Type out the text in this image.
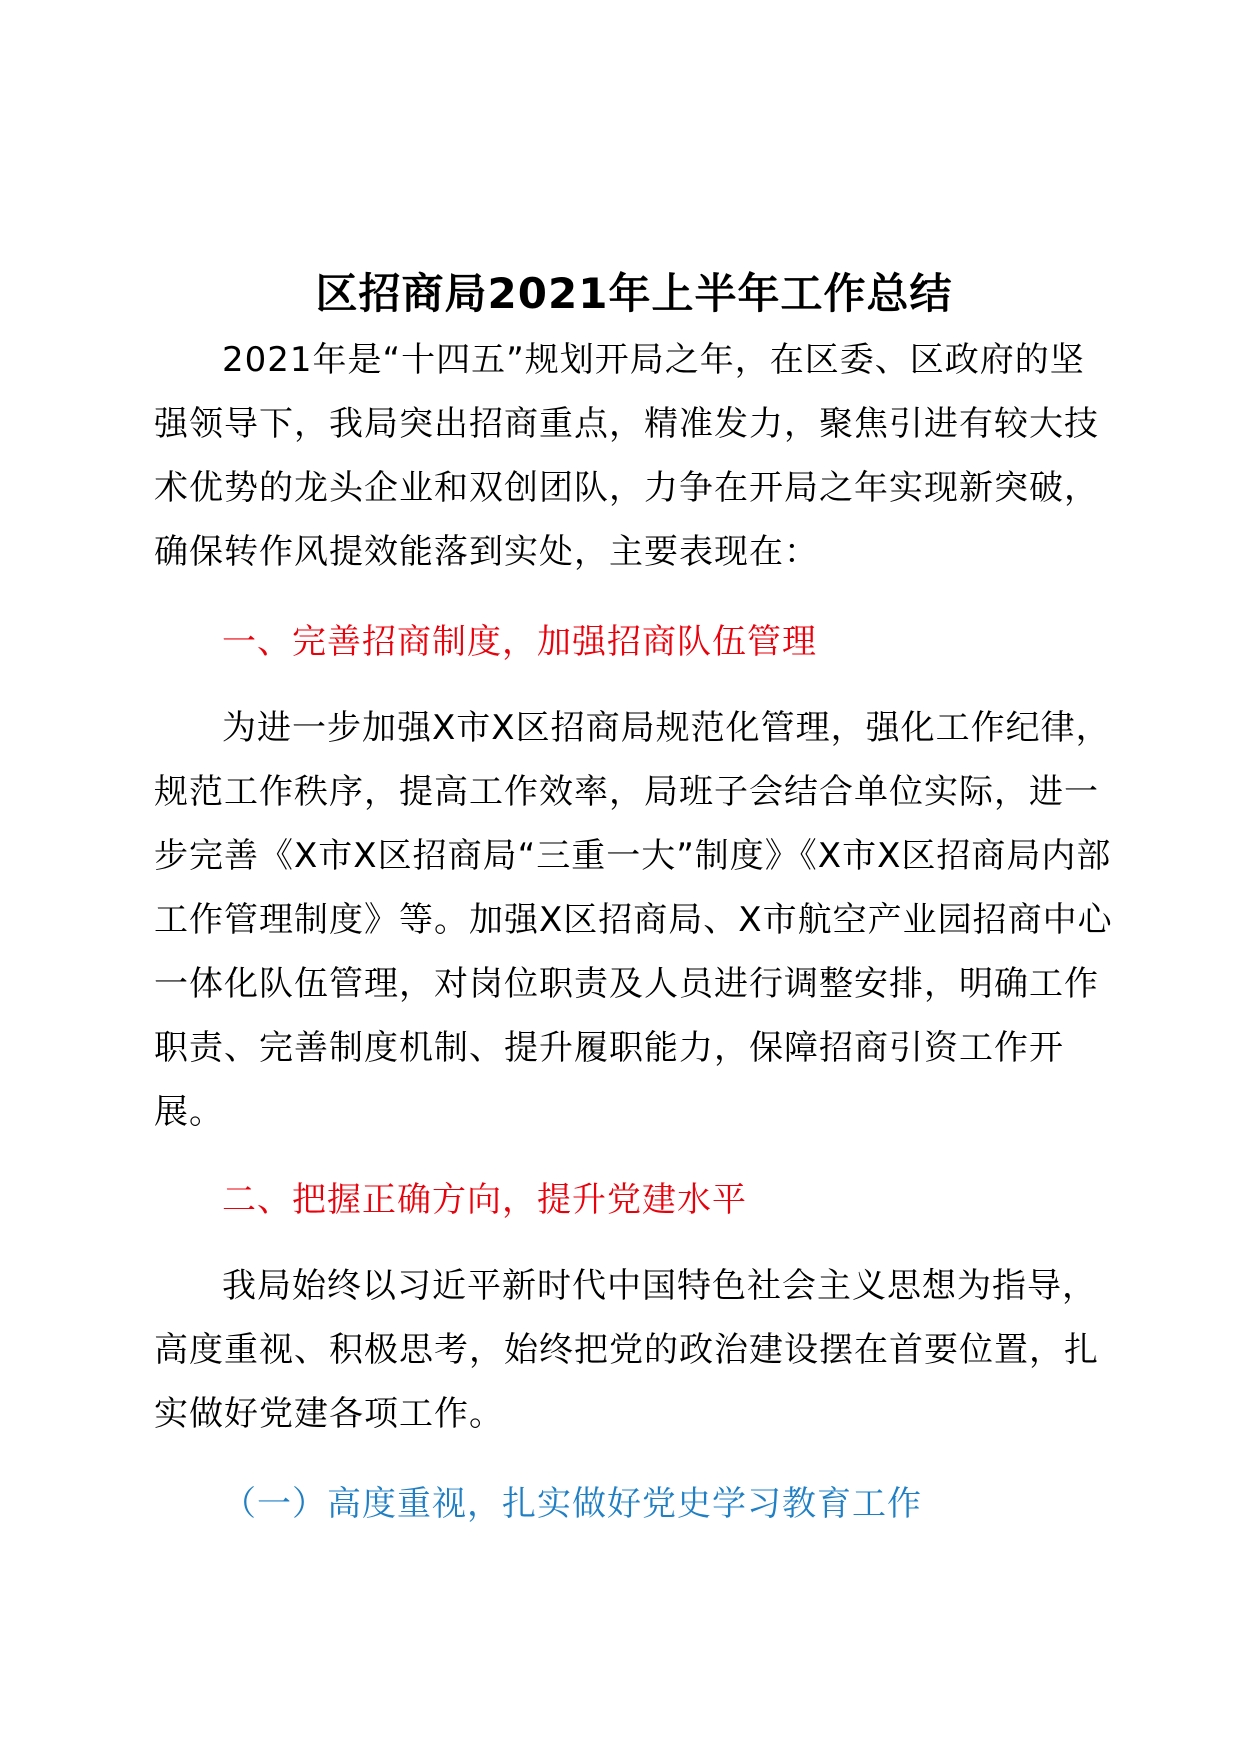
区招商局2021年上半年工作总结

2021年是“十四五”规划开局之年，在区委、区政府的坚强领导下，我局突出招商重点，精准发力，聚焦引进有较大技术优势的龙头企业和双创团队，力争在开局之年实现新突破，确保转作风提效能落到实处，主要表现在：

一、完善招商制度，加强招商队伍管理

为进一步加强X市X区招商局规范化管理，强化工作纪律，规范工作秩序，提高工作效率，局班子会结合单位实际，进一步完善《X市X区招商局“三重一大”制度》《X市X区招商局内部工作管理制度》等。加强X区招商局、X市航空产业园招商中心一体化队伍管理，对岗位职责及人员进行调整安排，明确工作职责、完善制度机制、提升履职能力，保障招商引资工作开展。

二、把握正确方向，提升党建水平

我局始终以习近平新时代中国特色社会主义思想为指导，高度重视、积极思考，始终把党的政治建设摆在首要位置，扎实做好党建各项工作。

（一）高度重视，扎实做好党史学习教育工作
